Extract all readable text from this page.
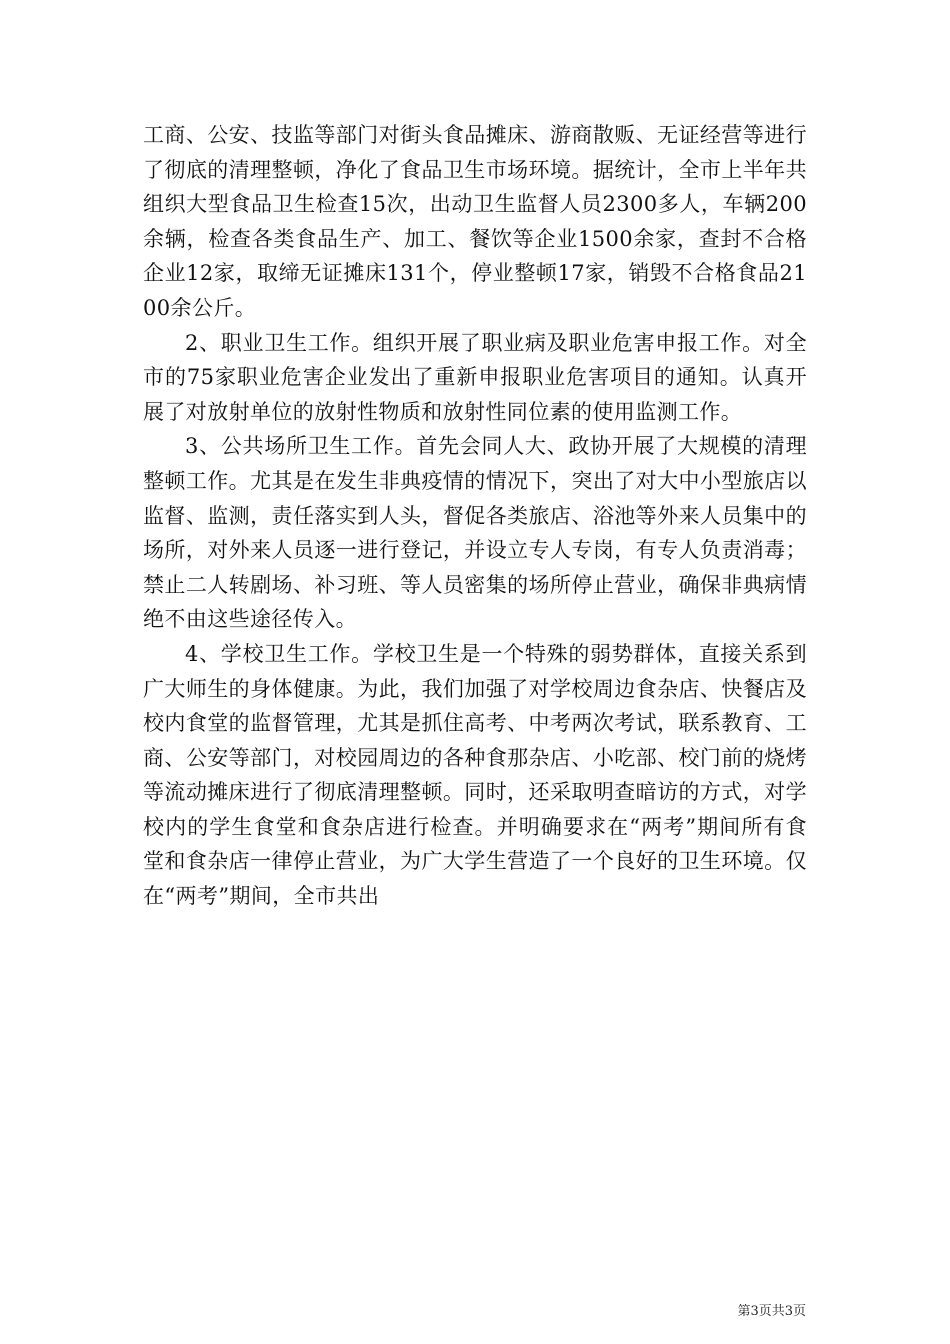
工商、公安、技监等部门对街头食品摊床、游商散贩、无证经营等进行了彻底的清理整顿，净化了食品卫生市场环境。据统计，全市上半年共组织大型食品卫生检查15次，出动卫生监督人员2300多人，车辆200余辆，检查各类食品生产、加工、餐饮等企业1500余家，查封不合格企业12家，取缔无证摊床131个，停业整顿17家，销毁不合格食品2100余公斤。

2、职业卫生工作。组织开展了职业病及职业危害申报工作。对全市的75家职业危害企业发出了重新申报职业危害项目的通知。认真开展了对放射单位的放射性物质和放射性同位素的使用监测工作。

3、公共场所卫生工作。首先会同人大、政协开展了大规模的清理整顿工作。尤其是在发生非典疫情的情况下，突出了对大中小型旅店以监督、监测，责任落实到人头，督促各类旅店、浴池等外来人员集中的场所，对外来人员逐一进行登记，并设立专人专岗，有专人负责消毒；禁止二人转剧场、补习班、等人员密集的场所停止营业，确保非典病情绝不由这些途径传入。

4、学校卫生工作。学校卫生是一个特殊的弱势群体，直接关系到广大师生的身体健康。为此，我们加强了对学校周边食杂店、快餐店及校内食堂的监督管理，尤其是抓住高考、中考两次考试，联系教育、工商、公安等部门，对校园周边的各种食那杂店、小吃部、校门前的烧烤等流动摊床进行了彻底清理整顿。同时，还采取明查暗访的方式，对学校内的学生食堂和食杂店进行检查。并明确要求在“两考”期间所有食堂和食杂店一律停止营业，为广大学生营造了一个良好的卫生环境。仅在“两考”期间，全市共出

第3页共3页
